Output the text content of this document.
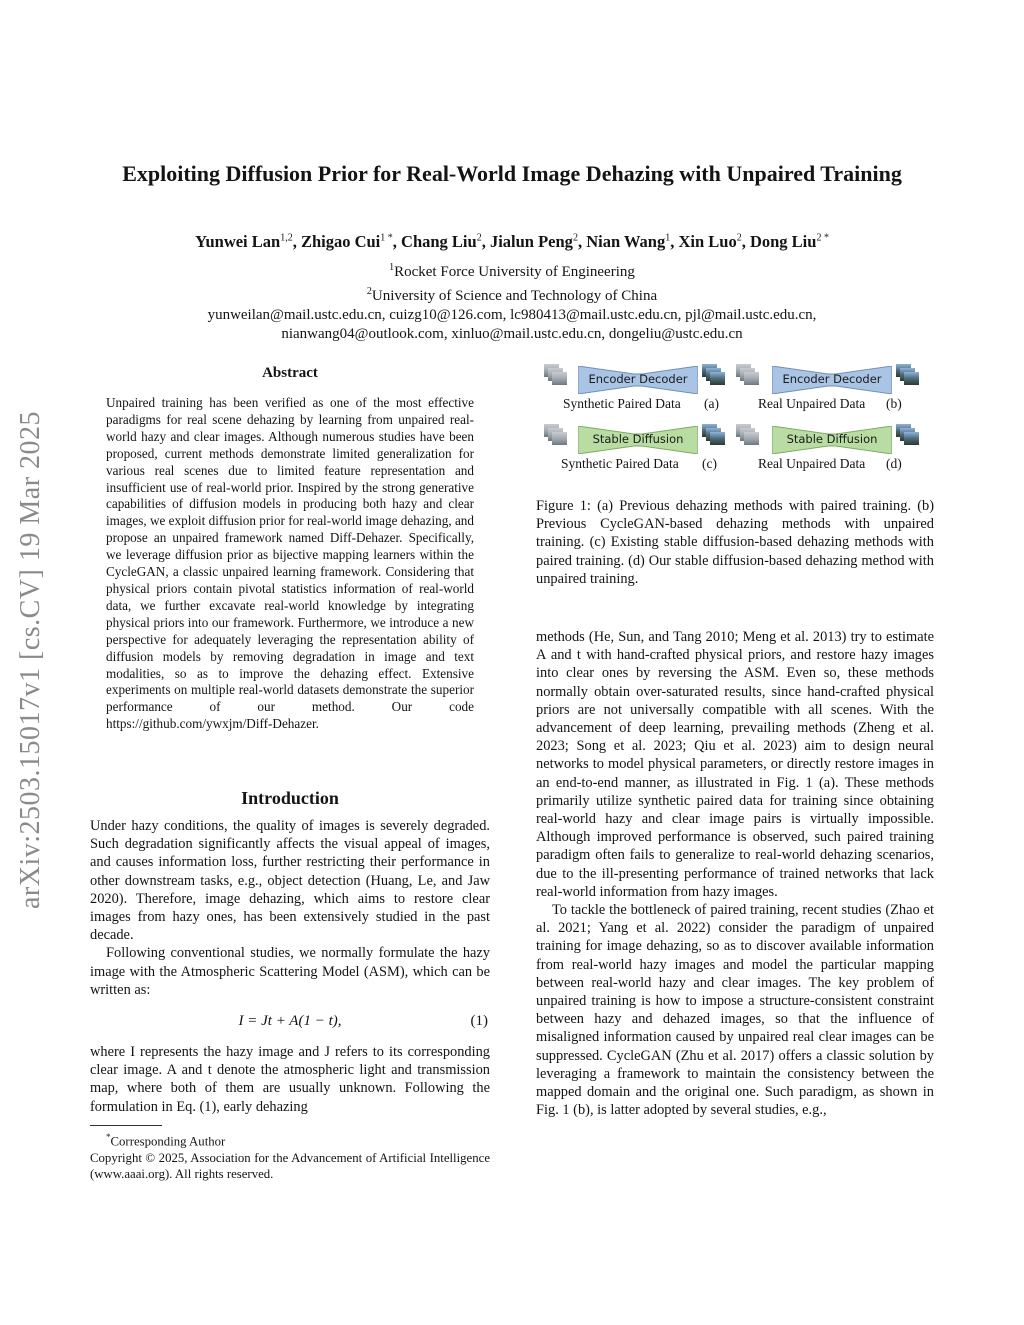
arXiv:2503.15017v1 [cs.CV] 19 Mar 2025
Exploiting Diffusion Prior for Real-World Image Dehazing with Unpaired Training
Yunwei Lan$^{1,2}$, Zhigao Cui$^{1 *}$, Chang Liu$^2$, Jialun Peng$^2$, Nian Wang$^1$, Xin Luo$^2$, Dong Liu$^{2 *}$
$^1$Rocket Force University of Engineering
$^2$University of Science and Technology of China
yunweilan@mail.ustc.edu.cn, cuizg10@126.com, lc980413@mail.ustc.edu.cn, pjl@mail.ustc.edu.cn,
nianwang04@outlook.com, xinluo@mail.ustc.edu.cn, dongeliu@ustc.edu.cn
Abstract
Unpaired training has been verified as one of the most effective paradigms for real scene dehazing by learning from unpaired real-world hazy and clear images. Although numerous studies have been proposed, current methods demonstrate limited generalization for various real scenes due to limited feature representation and insufficient use of real-world prior. Inspired by the strong generative capabilities of diffusion models in producing both hazy and clear images, we exploit diffusion prior for real-world image dehazing, and propose an unpaired framework named Diff-Dehazer. Specifically, we leverage diffusion prior as bijective mapping learners within the CycleGAN, a classic unpaired learning framework. Considering that physical priors contain pivotal statistics information of real-world data, we further excavate real-world knowledge by integrating physical priors into our framework. Furthermore, we introduce a new perspective for adequately leveraging the representation ability of diffusion models by removing degradation in image and text modalities, so as to improve the dehazing effect. Extensive experiments on multiple real-world datasets demonstrate the superior performance of our method. Our code https://github.com/ywxjm/Diff-Dehazer.
Introduction

Under hazy conditions, the quality of images is severely degraded. Such degradation significantly affects the visual appeal of images, and causes information loss, further restricting their performance in other downstream tasks, e.g., object detection (Huang, Le, and Jaw 2020). Therefore, image dehazing, which aims to restore clear images from hazy ones, has been extensively studied in the past decade.

Following conventional studies, we normally formulate the hazy image with the Atmospheric Scattering Model (ASM), which can be written as:

I = Jt + A(1 − t),	(1)

where I represents the hazy image and J refers to its corresponding clear image. A and t denote the atmospheric light and transmission map, where both of them are usually unknown. Following the formulation in Eq. (1), early dehazing

*Corresponding Author
Copyright © 2025, Association for the Advancement of Artificial Intelligence (www.aaai.org). All rights reserved.
Encoder Decoder
Synthetic Paired Data (a)
Encoder Decoder
Real Unpaired Data (b)
Stable Diffusion
Synthetic Paired Data (c)
Stable Diffusion
Real Unpaired Data (d)
Figure 1: (a) Previous dehazing methods with paired training. (b) Previous CycleGAN-based dehazing methods with unpaired training. (c) Existing stable diffusion-based dehazing methods with paired training. (d) Our stable diffusion-based dehazing method with unpaired training.

methods (He, Sun, and Tang 2010; Meng et al. 2013) try to estimate A and t with hand-crafted physical priors, and restore hazy images into clear ones by reversing the ASM. Even so, these methods normally obtain over-saturated results, since hand-crafted physical priors are not universally compatible with all scenes. With the advancement of deep learning, prevailing methods (Zheng et al. 2023; Song et al. 2023; Qiu et al. 2023) aim to design neural networks to model physical parameters, or directly restore images in an end-to-end manner, as illustrated in Fig. 1 (a). These methods primarily utilize synthetic paired data for training since obtaining real-world hazy and clear image pairs is virtually impossible. Although improved performance is observed, such paired training paradigm often fails to generalize to real-world dehazing scenarios, due to the ill-presenting performance of trained networks that lack real-world information from hazy images.

To tackle the bottleneck of paired training, recent studies (Zhao et al. 2021; Yang et al. 2022) consider the paradigm of unpaired training for image dehazing, so as to discover available information from real-world hazy images and model the particular mapping between real-world hazy and clear images. The key problem of unpaired training is how to impose a structure-consistent constraint between hazy and dehazed images, so that the influence of misaligned information caused by unpaired real clear images can be suppressed. CycleGAN (Zhu et al. 2017) offers a classic solution by leveraging a framework to maintain the consistency between the mapped domain and the original one. Such paradigm, as shown in Fig. 1 (b), is latter adopted by several studies, e.g.,
